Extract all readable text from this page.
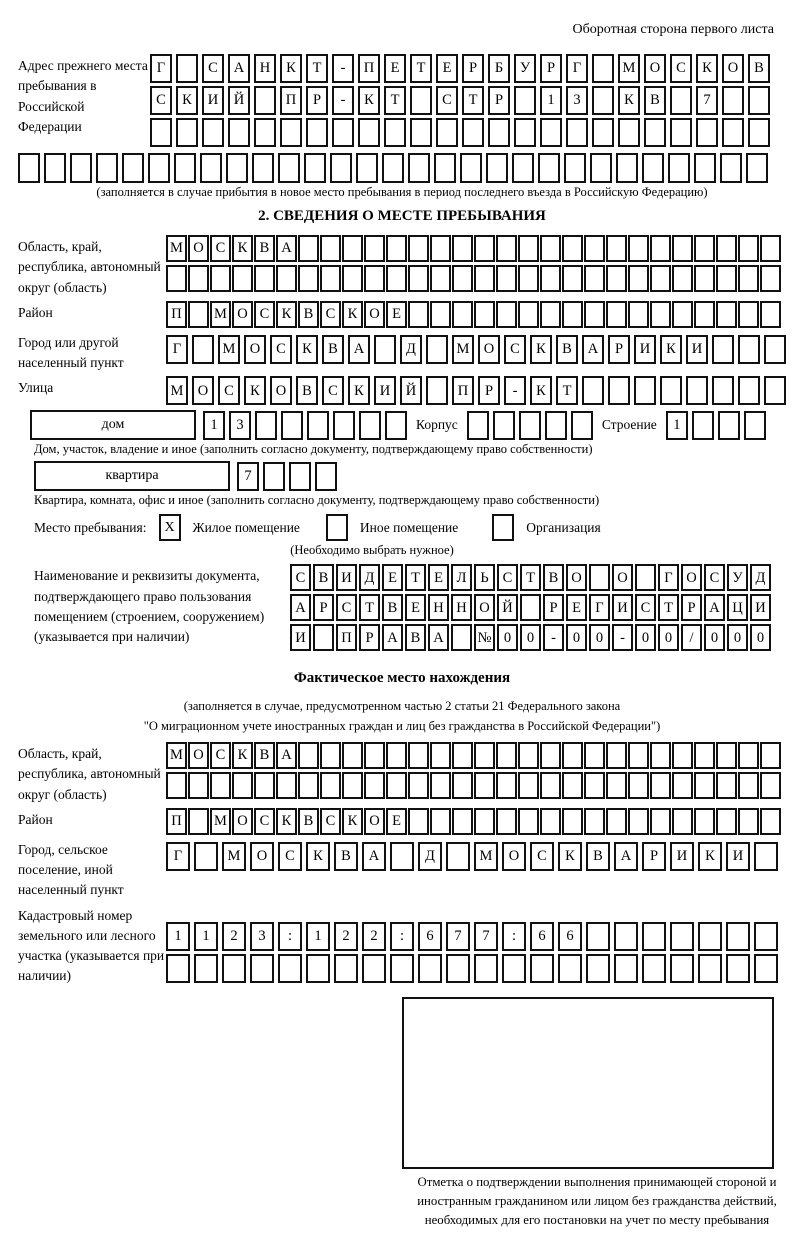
Оборотная сторона первого листа
Адрес прежнего места пребывания в Российской Федерации
Г	С	А	Н	К	Т	-	П	Е	Т	Е	Р	Б	У	Р	Г	М О	С	К	О	В
С	К	И	Й	П	Р	-	К	Т	С	Т	Р	1	3	К	В	7
(заполняется в случае прибытия в новое место пребывания в период последнего въезда в Российскую Федерацию)
2. СВЕДЕНИЯ О МЕСТЕ ПРЕБЫВАНИЯ
Область, край, республика, автономный округ (область)
М О С К В А
Район	П	М О С К В С К О Е
Город или другой населенный пункт
Г	М О	С	К	В	А	Д	М О	С	К	В	А	Р	И	К	И
Улица	М О	С	К	О	В	С	К	И	Й	П	Р	-	К	Т
дом	1	3	Корпус	Строение	1
Дом, участок, владение и иное (заполнить согласно документу, подтверждающему право собственности)
квартира	7
Квартира, комната, офис и иное (заполнить согласно документу, подтверждающему право собственности)
Место пребывания:	X	Жилое помещение	Иное помещение	Организация
(Необходимо выбрать нужное)
Наименование и реквизиты документа, подтверждающего право пользования помещением (строением, сооружением) (указывается при наличии)
С В И Д Е Т Е Л Ь С Т В О	О	Г О С У Д
А Р С Т В Е Н Н О Й	Р	Е Г И С Т	Р А Ц И
И	П Р А В А	№ 0	0	-	0	0	-	0	0	/	0	0	0
Фактическое место нахождения
(заполняется в случае, предусмотренном частью 2 статьи 21 Федерального закона
"О миграционном учете иностранных граждан и лиц без гражданства в Российской Федерации")
Область, край, республика, автономный округ (область)
М О С К В А
Район	П	М О С К В С К О Е
Город, сельское поселение, иной населенный пункт
Г	М	О	С	К	В	А	Д	М	О	С	К	В	А	Р	И	К	И
Кадастровый номер земельного или лесного участка (указывается при наличии)
1	1	2	3	:	1	2	2	:	6	7	7	:	6	6
Отметка о подтверждении выполнения принимающей стороной и иностранным гражданином или лицом без гражданства действий, необходимых для его постановки на учет по месту пребывания
